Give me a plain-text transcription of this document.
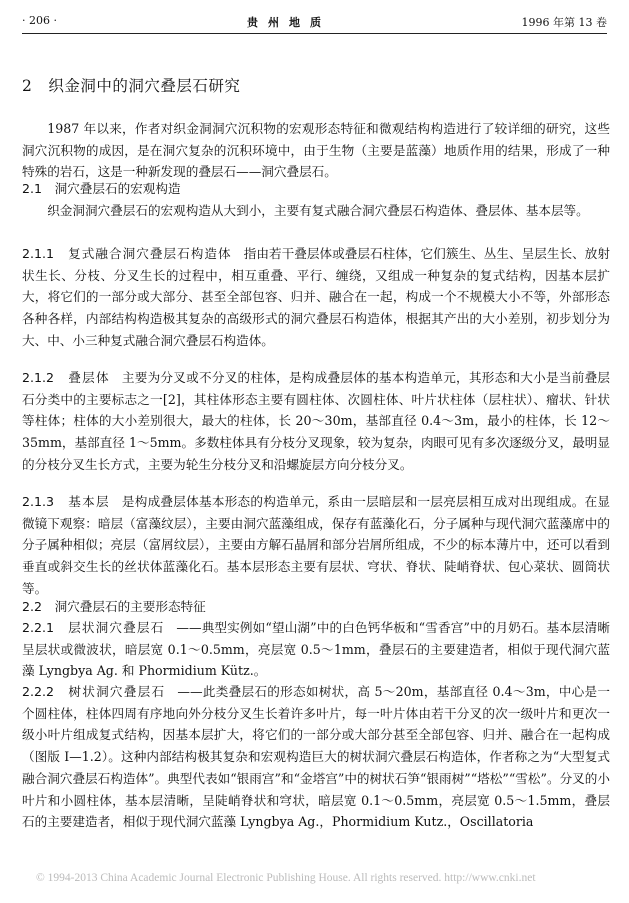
· 206 ·	贵州地质	1996 年第 13 卷
2　织金洞中的洞穴叠层石研究
1987 年以来，作者对织金洞洞穴沉积物的宏观形态特征和微观结构构造进行了较详细的研究，这些洞穴沉积物的成因，是在洞穴复杂的沉积环境中，由于生物（主要是蓝藻）地质作用的结果，形成了一种特殊的岩石，这是一种新发现的叠层石——洞穴叠层石。
2.1　洞穴叠层石的宏观构造
织金洞洞穴叠层石的宏观构造从大到小，主要有复式融合洞穴叠层石构造体、叠层体、基本层等。
2.1.1 复式融合洞穴叠层石构造体 指由若干叠层体或叠层石柱体，它们簇生、丛生、呈层生长、放射状生长、分枝、分叉生长的过程中，相互重叠、平行、缠绕，又组成一种复杂的复式结构，因基本层扩大，将它们的一部分或大部分、甚至全部包容、归并、融合在一起，构成一个不规模大小不等，外部形态各种各样，内部结构构造极其复杂的高级形式的洞穴叠层石构造体，根据其产出的大小差别，初步划分为大、中、小三种复式融合洞穴叠层石构造体。
2.1.2 叠层体 主要为分叉或不分叉的柱体，是构成叠层体的基本构造单元，其形态和大小是当前叠层石分类中的主要标志之一[2]，其柱体形态主要有圆柱体、次圆柱体、叶片状柱体（层柱状）、瘤状、针状等柱体；柱体的大小差别很大，最大的柱体，长 20～30m，基部直径 0.4～3m，最小的柱体，长 12～35mm，基部直径 1～5mm。多数柱体具有分枝分叉现象，较为复杂，肉眼可见有多次逐级分叉，最明显的分枝分叉生长方式，主要为轮生分枝分叉和沿螺旋层方向分枝分叉。
2.1.3 基本层 是构成叠层体基本形态的构造单元，系由一层暗层和一层亮层相互成对出现组成。在显微镜下观察：暗层（富藻纹层），主要由洞穴蓝藻组成，保存有蓝藻化石，分子属种与现代洞穴蓝藻席中的分子属种相似；亮层（富屑纹层），主要由方解石晶屑和部分岩屑所组成，不少的标本薄片中，还可以看到垂直或斜交生长的丝状体蓝藻化石。基本层形态主要有层状、穹状、脊状、陡峭脊状、包心菜状、圆筒状等。
2.2　洞穴叠层石的主要形态特征
2.2.1 层状洞穴叠层石 ——典型实例如“望山湖”中的白色钙华板和“雪香宫”中的月奶石。基本层清晰呈层状或微波状，暗层宽 0.1～0.5mm，亮层宽 0.5～1mm，叠层石的主要建造者，相似于现代洞穴蓝藻 Lyngbya Ag. 和 Phormidium Kütz.。
2.2.2 树状洞穴叠层石 ——此类叠层石的形态如树状，高 5～20m，基部直径 0.4～3m，中心是一个圆柱体，柱体四周有序地向外分枝分叉生长着许多叶片，每一叶片体由若干分叉的次一级叶片和更次一级小叶片组成复式结构，因基本层扩大，将它们的一部分或大部分甚至全部包容、归并、融合在一起构成（图版 I—1.2）。这种内部结构极其复杂和宏观构造巨大的树状洞穴叠层石构造体，作者称之为“大型复式融合洞穴叠层石构造体”。典型代表如“银雨宫”和“金塔宫”中的树状石笋“银雨树”“塔松”“雪松”。分叉的小叶片和小圆柱体，基本层清晰，呈陡峭脊状和穹状，暗层宽 0.1～0.5mm，亮层宽 0.5～1.5mm，叠层石的主要建造者，相似于现代洞穴蓝藻 Lyngbya Ag.，Phormidium Kutz.，Oscillatoria
© 1994-2013 China Academic Journal Electronic Publishing House. All rights reserved. http://www.cnki.net
